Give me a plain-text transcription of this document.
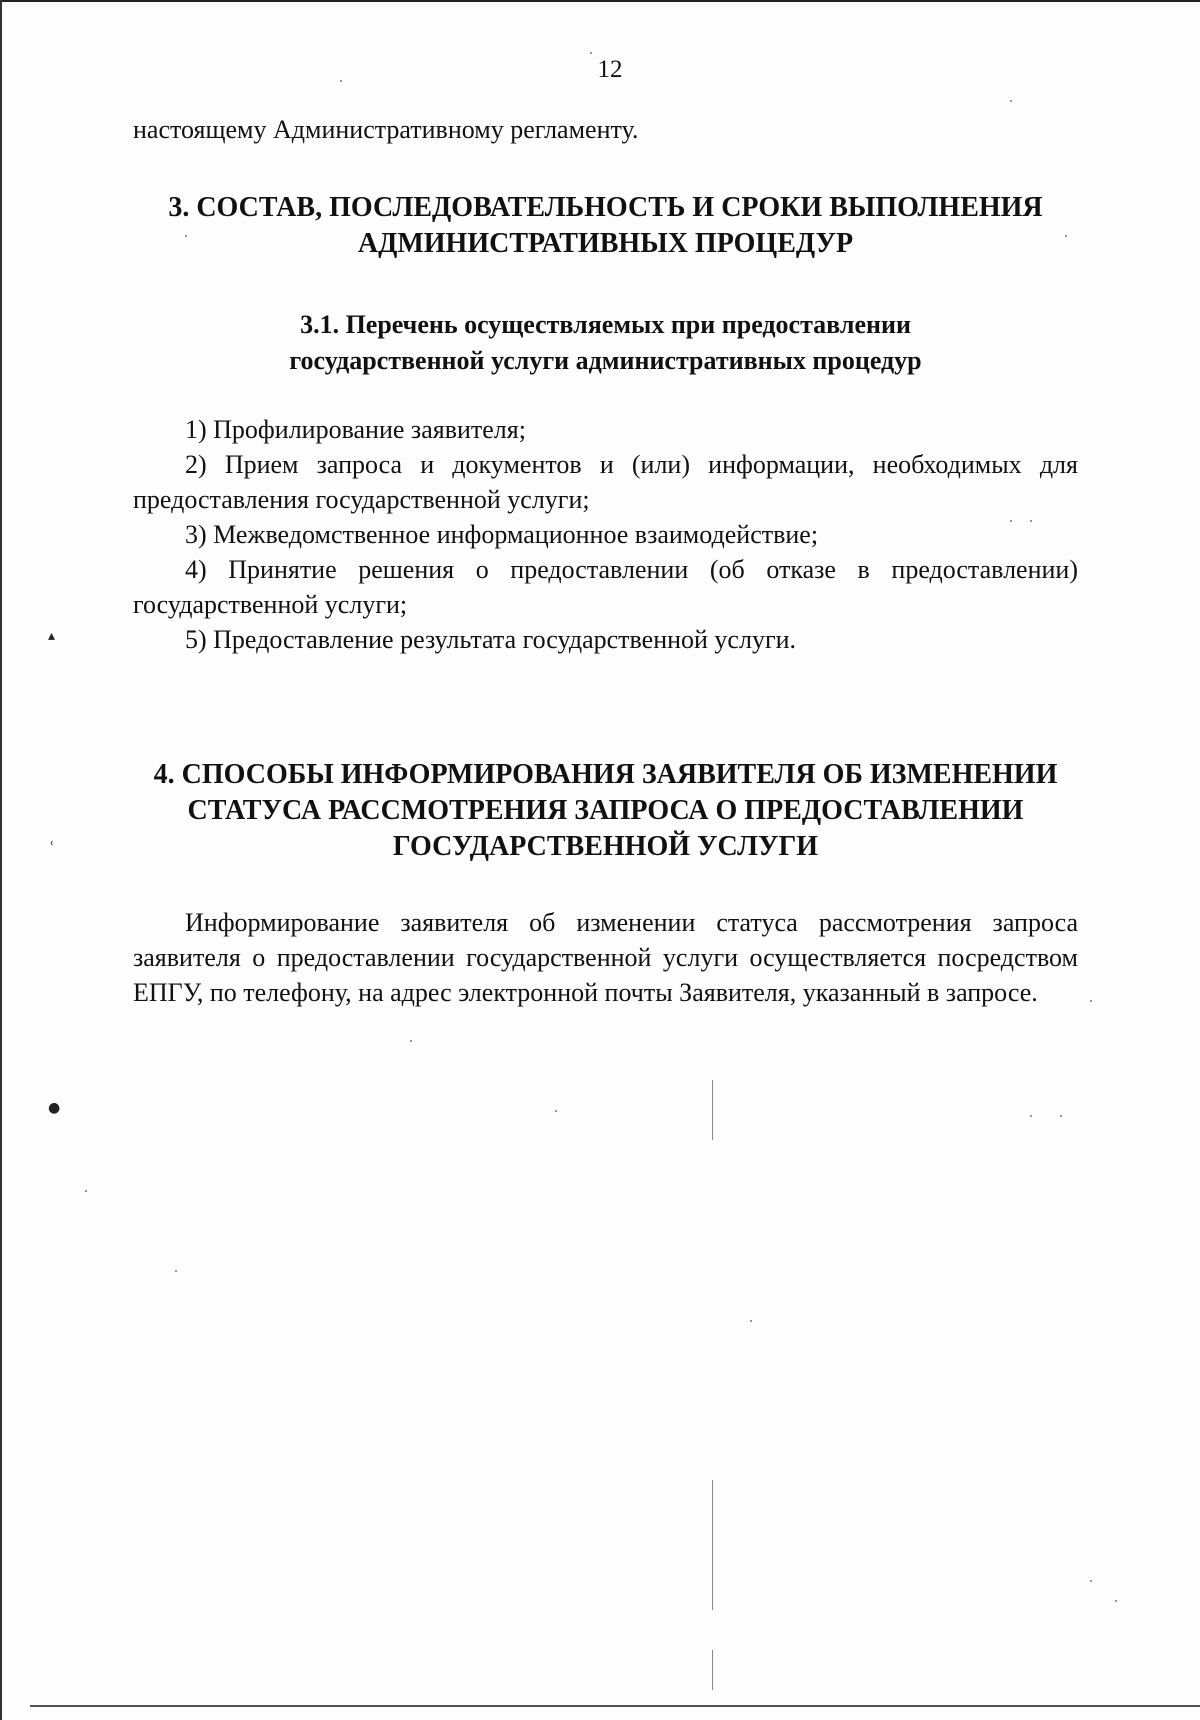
12

настоящему Административному регламенту.

3. СОСТАВ, ПОСЛЕДОВАТЕЛЬНОСТЬ И СРОКИ ВЫПОЛНЕНИЯ
АДМИНИСТРАТИВНЫХ ПРОЦЕДУР
3.1. Перечень осуществляемых при предоставлении
государственной услуги административных процедур
1) Профилирование заявителя;
2) Прием запроса и документов и (или) информации, необходимых для предоставления государственной услуги;
3) Межведомственное информационное взаимодействие;
4) Принятие решения о предоставлении (об отказе в предоставлении) государственной услуги;
5) Предоставление результата государственной услуги.
4. СПОСОБЫ ИНФОРМИРОВАНИЯ ЗАЯВИТЕЛЯ ОБ ИЗМЕНЕНИИ
СТАТУСА РАССМОТРЕНИЯ ЗАПРОСА О ПРЕДОСТАВЛЕНИИ
ГОСУДАРСТВЕННОЙ УСЛУГИ

Информирование заявителя об изменении статуса рассмотрения запроса заявителя о предоставлении государственной услуги осуществляется посредством ЕПГУ, по телефону, на адрес электронной почты Заявителя, указанный в запросе.

▴
ʿ
●
